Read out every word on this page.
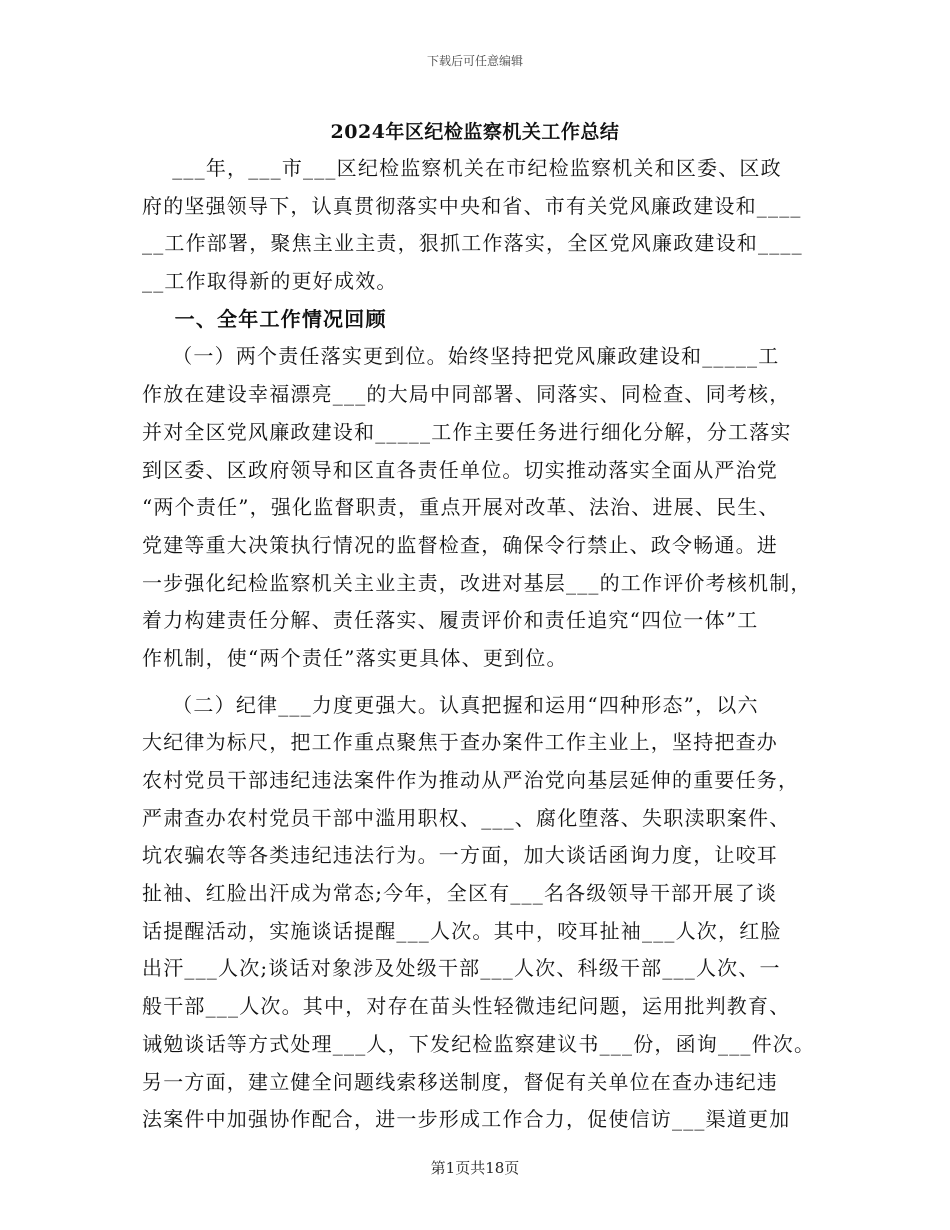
下载后可任意编辑
2024年区纪检监察机关工作总结
___年，___市___区纪检监察机关在市纪检监察机关和区委、区政
府的坚强领导下，认真贯彻落实中央和省、市有关党风廉政建设和____
__工作部署，聚焦主业主责，狠抓工作落实，全区党风廉政建设和____
__工作取得新的更好成效。
一、全年工作情况回顾
（一）两个责任落实更到位。始终坚持把党风廉政建设和_____工
作放在建设幸福漂亮___的大局中同部署、同落实、同检查、同考核，
并对全区党风廉政建设和_____工作主要任务进行细化分解，分工落实
到区委、区政府领导和区直各责任单位。切实推动落实全面从严治党
“两个责任”，强化监督职责，重点开展对改革、法治、进展、民生、
党建等重大决策执行情况的监督检查，确保令行禁止、政令畅通。进
一步强化纪检监察机关主业主责，改进对基层___的工作评价考核机制，
着力构建责任分解、责任落实、履责评价和责任追究“四位一体”工
作机制，使“两个责任”落实更具体、更到位。
（二）纪律___力度更强大。认真把握和运用“四种形态”，以六
大纪律为标尺，把工作重点聚焦于查办案件工作主业上，坚持把查办
农村党员干部违纪违法案件作为推动从严治党向基层延伸的重要任务，
严肃查办农村党员干部中滥用职权、___、腐化堕落、失职渎职案件、
坑农骗农等各类违纪违法行为。一方面，加大谈话函询力度，让咬耳
扯袖、红脸出汗成为常态;今年，全区有___名各级领导干部开展了谈
话提醒活动，实施谈话提醒___人次。其中，咬耳扯袖___人次，红脸
出汗___人次;谈话对象涉及处级干部___人次、科级干部___人次、一
般干部___人次。其中，对存在苗头性轻微违纪问题，运用批判教育、
诫勉谈话等方式处理___人，下发纪检监察建议书___份，函询___件次。
另一方面，建立健全问题线索移送制度，督促有关单位在查办违纪违
法案件中加强协作配合，进一步形成工作合力，促使信访___渠道更加
第1页共18页
